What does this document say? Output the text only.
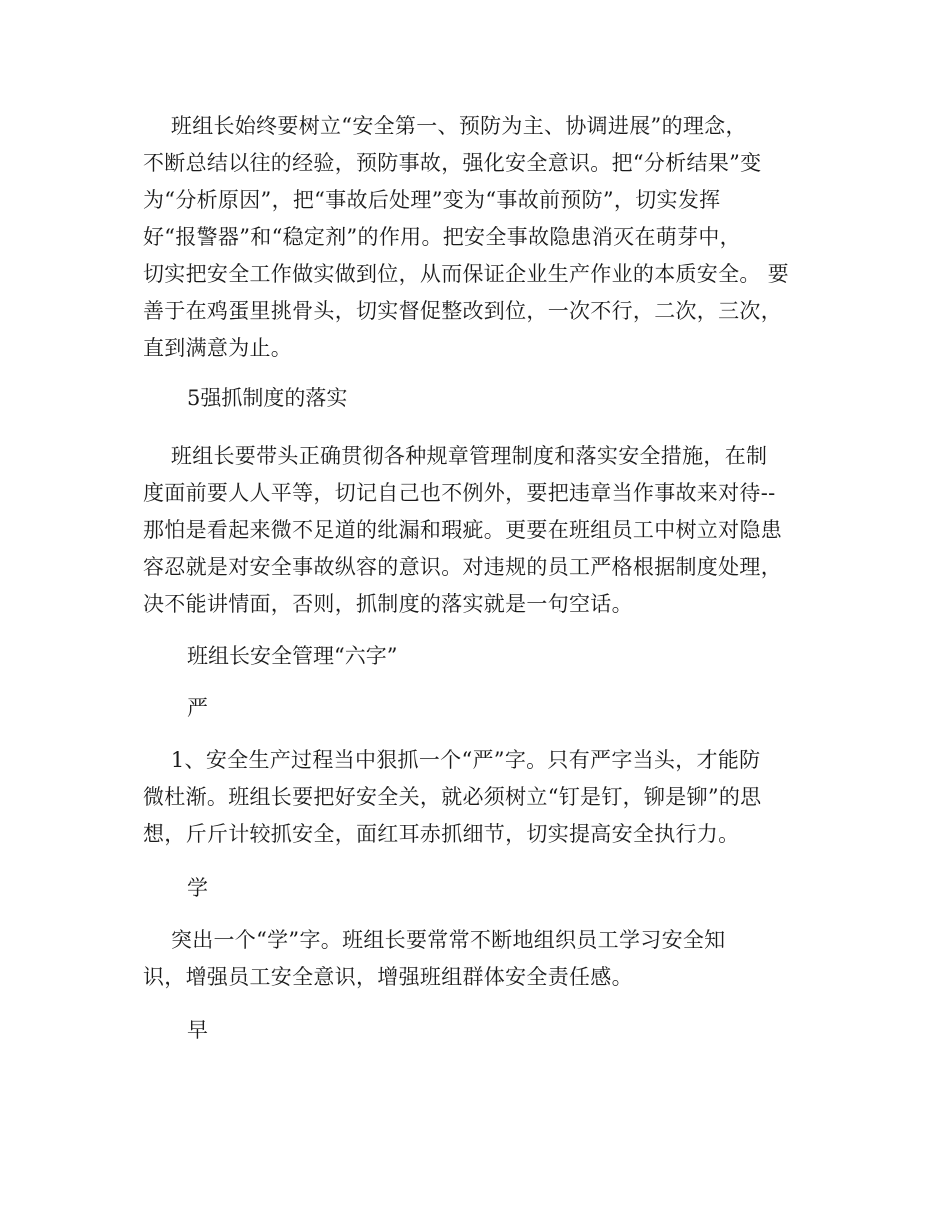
班组长始终要树立“安全第一、预防为主、协调进展”的理念，
不断总结以往的经验，预防事故，强化安全意识。把“分析结果”变
为“分析原因”，把“事故后处理”变为“事故前预防”，切实发挥
好“报警器”和“稳定剂”的作用。把安全事故隐患消灭在萌芽中，
切实把安全工作做实做到位，从而保证企业生产作业的本质安全。 要
善于在鸡蛋里挑骨头，切实督促整改到位，一次不行，二次，三次，
直到满意为止。
5强抓制度的落实
班组长要带头正确贯彻各种规章管理制度和落实安全措施，在制
度面前要人人平等，切记自己也不例外，要把违章当作事故来对待--
那怕是看起来微不足道的纰漏和瑕疵。更要在班组员工中树立对隐患
容忍就是对安全事故纵容的意识。对违规的员工严格根据制度处理，
决不能讲情面，否则，抓制度的落实就是一句空话。
班组长安全管理“六字”
严
1、安全生产过程当中狠抓一个“严”字。只有严字当头，才能防
微杜渐。班组长要把好安全关，就必须树立“钉是钉，铆是铆”的思
想，斤斤计较抓安全，面红耳赤抓细节，切实提高安全执行力。
学
突出一个“学”字。班组长要常常不断地组织员工学习安全知
识，增强员工安全意识，增强班组群体安全责任感。
早
